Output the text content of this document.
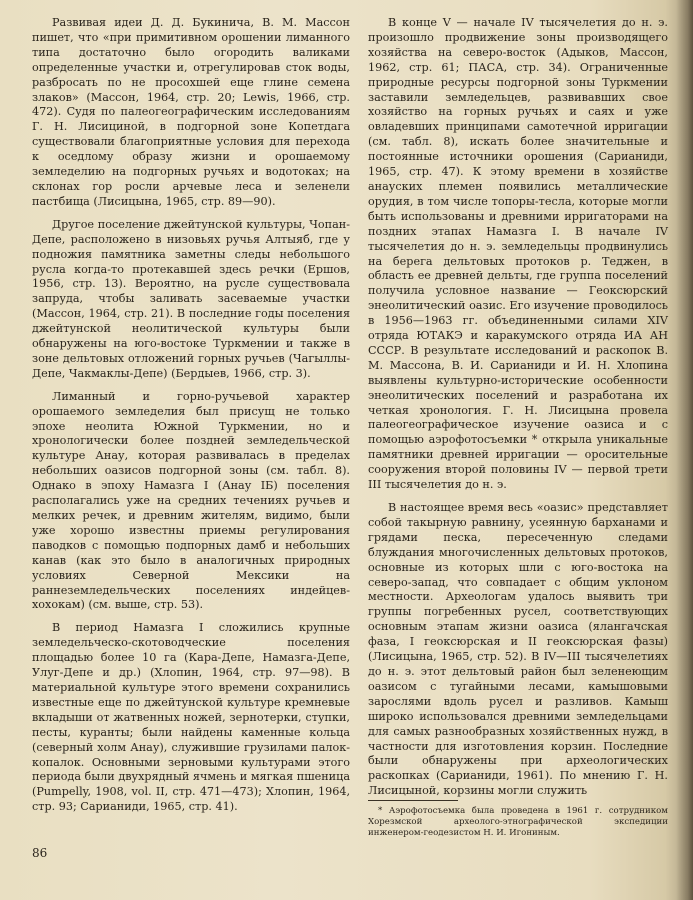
Развивая идеи Д. Д. Букинича, В. М. Массон пишет, что «при примитивном орошении лиманного типа достаточно было огородить валиками определенные участки и, отрегулировав сток воды, разбросать по не просохшей еще глине семена злаков» (Массон, 1964, стр. 20; Lewis, 1966, стр. 472). Судя по палеогеографическим исследованиям Г. Н. Лисициной, в подгорной зоне Копетдага существовали благоприятные условия для перехода к оседлому образу жизни и орошаемому земледелию на подгорных ручьях и водотоках; на склонах гор росли арчевые леса и зеленели пастбища (Лисицына, 1965, стр. 89—90).

Другое поселение джейтунской культуры, Чопан-Депе, расположено в низовьях ручья Алтыяб, где у подножия памятника заметны следы небольшого русла когда-то протекавшей здесь речки (Ершов, 1956, стр. 13). Вероятно, на русле существовала запруда, чтобы заливать засеваемые участки (Массон, 1964, стр. 21). В последние годы поселения джейтунской неолитической культуры были обнаружены на юго-востоке Туркмении и также в зоне дельтовых отложений горных ручьев (Чагыллы-Депе, Чакмаклы-Депе) (Бердыев, 1966, стр. 3).

Лиманный и горно-ручьевой характер орошаемого земледелия был присущ не только эпохе неолита Южной Туркмении, но и хронологически более поздней земледельческой культуре Анау, которая развивалась в пределах небольших оазисов подгорной зоны (см. табл. 8). Однако в эпоху Намазга I (Анау IБ) поселения располагались уже на средних течениях ручьев и мелких речек, и древним жителям, видимо, были уже хорошо известны приемы регулирования паводков с помощью подпорных дамб и небольших канав (как это было в аналогичных природных условиях Северной Мексики на раннеземледельческих поселениях индейцев-хохокам) (см. выше, стр. 53).

В период Намазга I сложились крупные земледельческо-скотоводческие поселения площадью более 10 га (Кара-Депе, Намазга-Депе, Улуг-Депе и др.) (Хлопин, 1964, стр. 97—98). В материальной культуре этого времени сохранились известные еще по джейтунской культуре кремневые вкладыши от жатвенных ножей, зернотерки, ступки, песты, куранты; были найдены каменные кольца (северный холм Анау), служившие грузилами палок-копалок. Основными зерновыми культурами этого периода были двухрядный ячмень и мягкая пшеница (Pumpelly, 1908, vol. II, стр. 471—473); Хлопин, 1964, стр. 93; Сарианиди, 1965, стр. 41).

В конце V — начале IV тысячелетия до н. э. произошло продвижение зоны производящего хозяйства на северо-восток (Адыков, Массон, 1962, стр. 61; ПАСА, стр. 34). Ограниченные природные ресурсы подгорной зоны Туркмении заставили земледельцев, развивавших свое хозяйство на горных ручьях и саях и уже овладевших принципами самотечной ирригации (см. табл. 8), искать более значительные и постоянные источники орошения (Сарианиди, 1965, стр. 47). К этому времени в хозяйстве анауских племен появились металлические орудия, в том числе топоры-тесла, которые могли быть использованы и древними ирригаторами на поздних этапах Намазга I. В начале IV тысячелетия до н. э. земледельцы продвинулись на берега дельтовых протоков р. Теджен, в область ее древней дельты, где группа поселений получила условное название — Геоксюрский энеолитический оазис. Его изучение проводилось в 1956—1963 гг. объединенными силами XIV отряда ЮТАКЭ и каракумского отряда ИА АН СССР. В результате исследований и раскопок В. М. Массона, В. И. Сарианиди и И. Н. Хлопина выявлены культурно-исторические особенности энеолитических поселений и разработана их четкая хронология. Г. Н. Лисицына провела палеогеографическое изучение оазиса и с помощью аэрофотосъемки * открыла уникальные памятники древней ирригации — оросительные сооружения второй половины IV — первой трети III тысячелетия до н. э.

В настоящее время весь «оазис» представляет собой такырную равнину, усеянную барханами и грядами песка, пересеченную следами блуждания многочисленных дельтовых протоков, основные из которых шли с юго-востока на северо-запад, что совпадает с общим уклоном местности. Археологам удалось выявить три группы погребенных русел, соответствующих основным этапам жизни оазиса (ялангачская фаза, I геоксюрская и II геоксюрская фазы) (Лисицына, 1965, стр. 52). В IV—III тысячелетиях до н. э. этот дельтовый район был зеленеющим оазисом с тугайными лесами, камышовыми зарослями вдоль русел и разливов. Камыш широко использовался древними земледельцами для самых разнообразных хозяйственных нужд, в частности для изготовления корзин. Последние были обнаружены при археологических раскопках (Сарианиди, 1961). По мнению Г. Н. Лисицыной, корзины могли служить

* Аэрофотосъемка была проведена в 1961 г. сотрудником Хорезмской археолого-этнографической экспедиции инженером-геодезистом Н. И. Игониным.

86
